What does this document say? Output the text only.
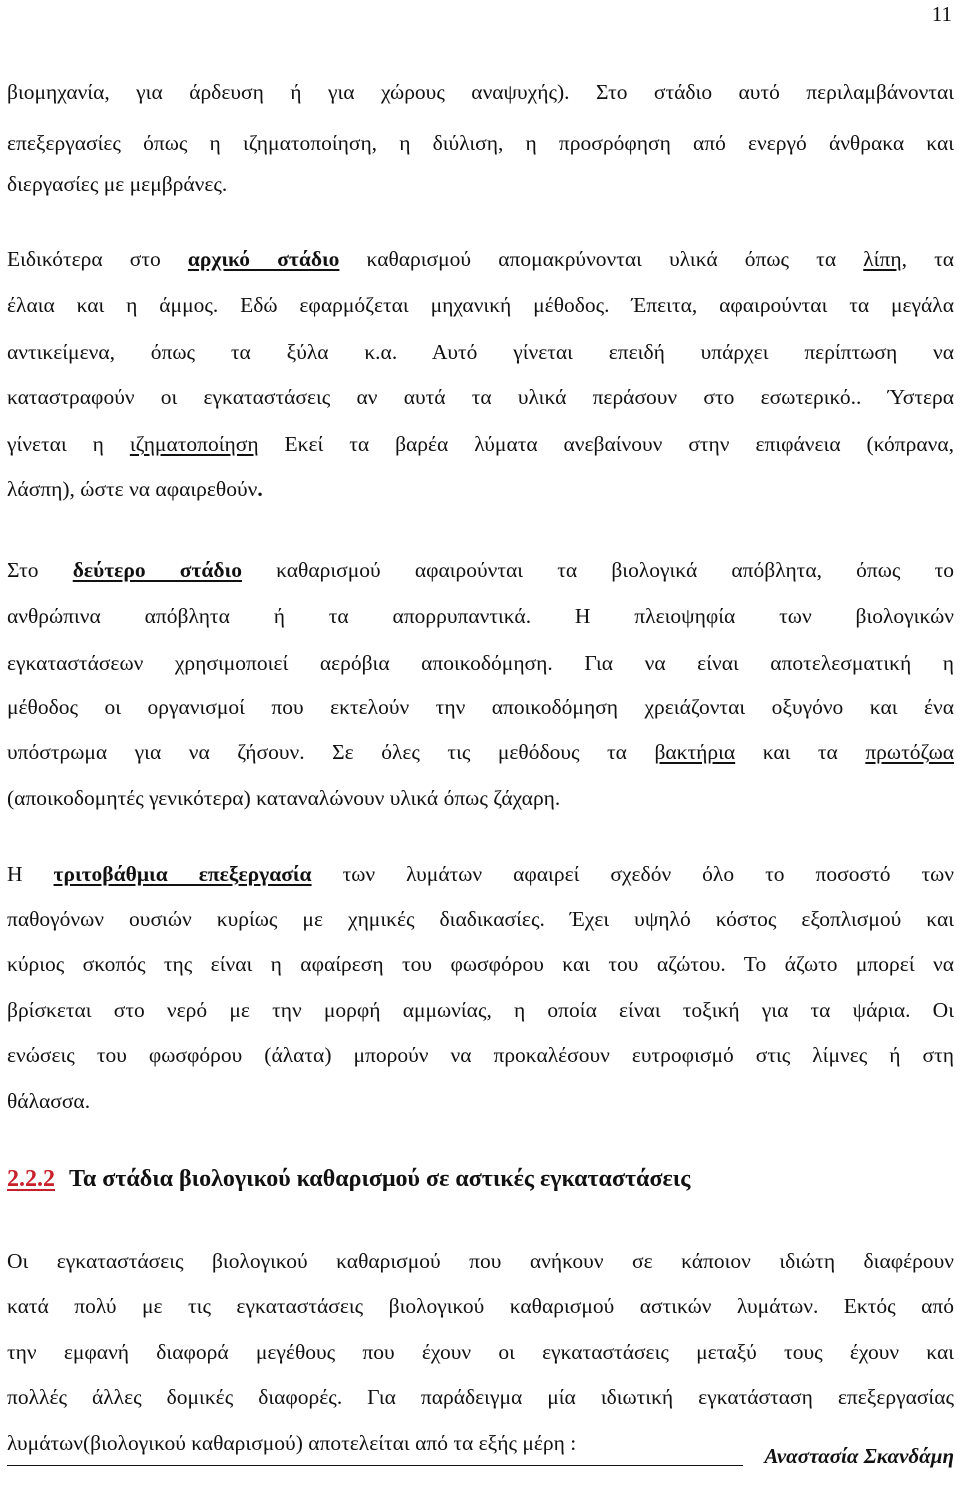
11
βιομηχανία, για άρδευση ή για χώρους αναψυχής). Στο στάδιο αυτό περιλαμβάνονται
επεξεργασίες όπως η ιζηματοποίηση, η διύλιση, η προσρόφηση από ενεργό άνθρακα και
διεργασίες με μεμβράνες.
Ειδικότερα στο αρχικό στάδιο καθαρισμού απομακρύνονται υλικά όπως τα λίπη, τα
έλαια και η άμμος. Εδώ εφαρμόζεται μηχανική μέθοδος. Έπειτα, αφαιρούνται τα μεγάλα
αντικείμενα, όπως τα ξύλα κ.α. Αυτό γίνεται επειδή υπάρχει περίπτωση να
καταστραφούν οι εγκαταστάσεις αν αυτά τα υλικά περάσουν στο εσωτερικό.. Ύστερα
γίνεται η ιζηματοποίηση Εκεί τα βαρέα λύματα ανεβαίνουν στην επιφάνεια (κόπρανα,
λάσπη), ώστε να αφαιρεθούν.
Στο δεύτερο στάδιο καθαρισμού αφαιρούνται τα βιολογικά απόβλητα, όπως το
ανθρώπινα απόβλητα ή τα απορρυπαντικά. Η πλειοψηφία των βιολογικών
εγκαταστάσεων χρησιμοποιεί αερόβια αποικοδόμηση. Για να είναι αποτελεσματική η
μέθοδος οι οργανισμοί που εκτελούν την αποικοδόμηση χρειάζονται οξυγόνο και ένα
υπόστρωμα για να ζήσουν. Σε όλες τις μεθόδους τα βακτήρια και τα πρωτόζωα
(αποικοδομητές γενικότερα) καταναλώνουν υλικά όπως ζάχαρη.
Η τριτοβάθμια επεξεργασία των λυμάτων αφαιρεί σχεδόν όλο το ποσοστό των
παθογόνων ουσιών κυρίως με χημικές διαδικασίες. Έχει υψηλό κόστος εξοπλισμού και
κύριος σκοπός της είναι η αφαίρεση του φωσφόρου και του αζώτου. Το άζωτο μπορεί να
βρίσκεται στο νερό με την μορφή αμμωνίας, η οποία είναι τοξική για τα ψάρια. Οι
ενώσεις του φωσφόρου (άλατα) μπορούν να προκαλέσουν ευτροφισμό στις λίμνες ή στη
θάλασσα.
2.2.2 Τα στάδια βιολογικού καθαρισμού σε αστικές εγκαταστάσεις
Οι εγκαταστάσεις βιολογικού καθαρισμού που ανήκουν σε κάποιον ιδιώτη διαφέρουν
κατά πολύ με τις εγκαταστάσεις βιολογικού καθαρισμού αστικών λυμάτων. Εκτός από
την εμφανή διαφορά μεγέθους που έχουν οι εγκαταστάσεις μεταξύ τους έχουν και
πολλές άλλες δομικές διαφορές. Για παράδειγμα μία ιδιωτική εγκατάσταση επεξεργασίας
λυμάτων(βιολογικού καθαρισμού) αποτελείται από τα εξής μέρη :
Αναστασία Σκανδάμη
